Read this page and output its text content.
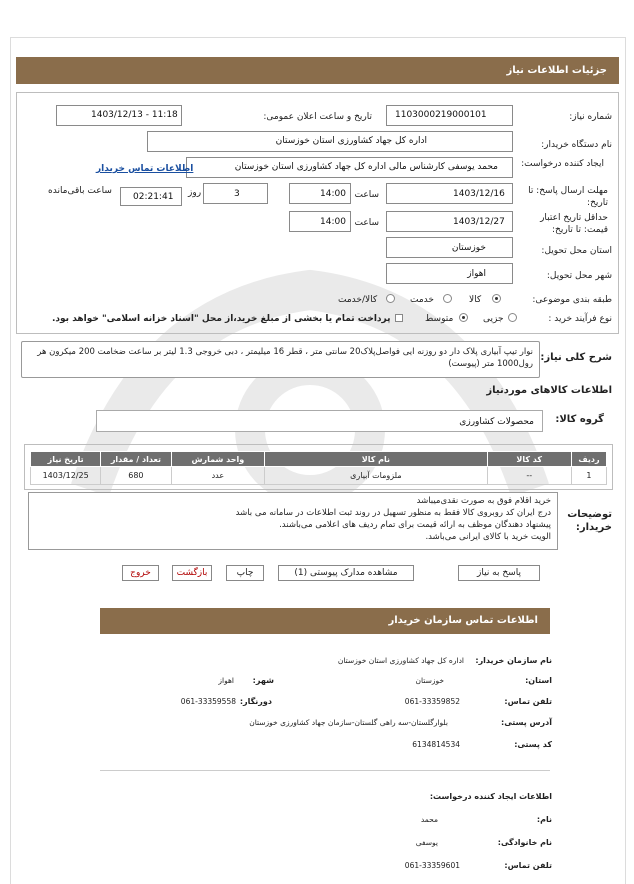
جزئیات اطلاعات نیاز
شماره نیاز:
1103000219000101
تاریخ و ساعت اعلان عمومی:
1403/12/13 - 11:18
نام دستگاه خریدار:
اداره کل جهاد کشاورزی استان خوزستان
ایجاد کننده درخواست:
محمد یوسفی کارشناس مالی اداره کل جهاد کشاورزی استان خوزستان
اطلاعات تماس خریدار
مهلت ارسال پاسخ: تا تاریخ:
1403/12/16
ساعت
14:00
3
روز
02:21:41
ساعت باقی‌مانده
حداقل تاریخ اعتبار قیمت: تا تاریخ:
1403/12/27
ساعت
14:00
استان محل تحویل:
خوزستان
شهر محل تحویل:
اهواز
طبقه بندی موضوعی:
کالا
خدمت
کالا/خدمت
نوع فرآیند خرید :
جزیی
متوسط
پرداخت تمام یا بخشی از مبلغ خرید،از محل "اسناد خزانه اسلامی" خواهد بود.
شرح کلی نیاز:
نوار تیپ آبیاری پلاک دار دو روزنه ایی فواصل‌پلاک20 سانتی متر ، قطر 16 میلیمتر ، دبی خروجی 1.3 لیتر بر ساعت ضخامت 200 میکرون هر رول1000 متر (پیوست)
اطلاعات کالاهای موردنیاز
گروه کالا:
محصولات کشاورزی
ردیف	کد کالا	نام کالا	واحد شمارش	تعداد / مقدار	تاریخ نیاز
1	--	ملزومات آبیاری	عدد	680	1403/12/25
توضیحات خریدار:
خرید اقلام فوق به صورت نقدی‌میباشد
درج ایران کد روبروی کالا فقط به منظور تسهیل در روند ثبت اطلاعات در سامانه می باشد
پیشنهاد دهندگان موظف به ارائه قیمت برای تمام ردیف های اعلامی می‌باشند.
الویت خرید با کالای ایرانی می‌باشد.
پاسخ به نیاز
مشاهده مدارک پیوستی (1)
چاپ
بازگشت
خروج
اطلاعات تماس سازمان خریدار
نام سازمان خریدار:
اداره کل جهاد کشاورزی استان خوزستان
استان:
خوزستان
شهر:
اهواز
تلفن تماس:
061-33359852
دورنگار:
061-33359558
آدرس پستی:
بلوارگلستان-سه راهی گلستان-سازمان جهاد کشاورزی خوزستان
کد پستی:
6134814534
اطلاعات ایجاد کننده درخواست:
نام:
محمد
نام خانوادگی:
یوسفی
تلفن تماس:
061-33359601
